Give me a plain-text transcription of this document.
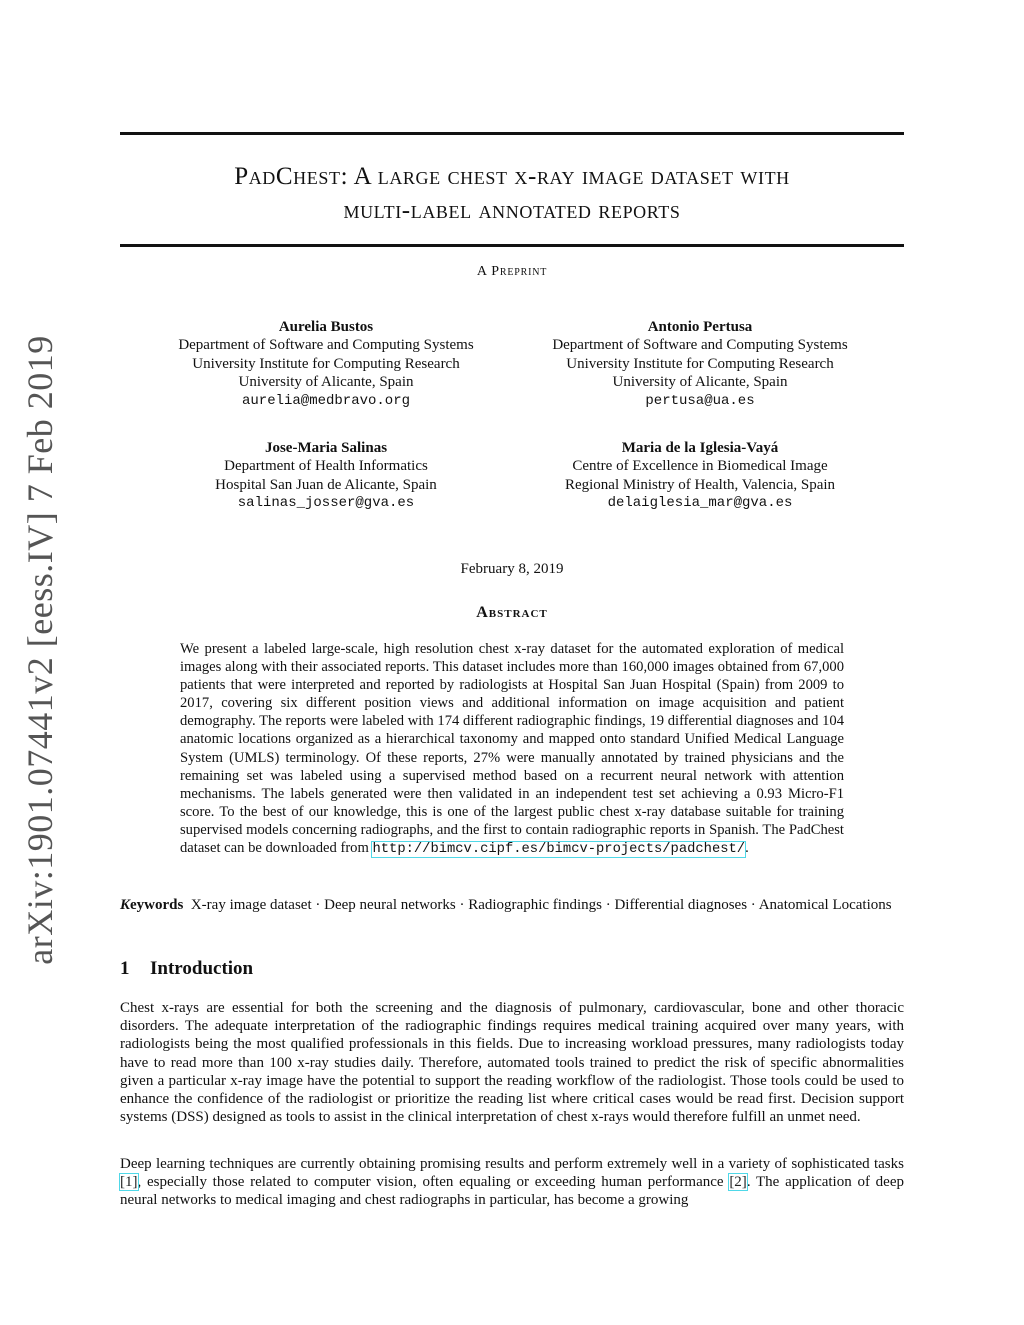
arXiv:1901.07441v2 [eess.IV] 7 Feb 2019
PadChest: A large chest x-ray image dataset with
multi-label annotated reports
A Preprint
Aurelia Bustos
Department of Software and Computing Systems
University Institute for Computing Research
University of Alicante, Spain
aurelia@medbravo.org
Antonio Pertusa
Department of Software and Computing Systems
University Institute for Computing Research
University of Alicante, Spain
pertusa@ua.es
Jose-Maria Salinas
Department of Health Informatics
Hospital San Juan de Alicante, Spain
salinas_josser@gva.es
Maria de la Iglesia-Vayá
Centre of Excellence in Biomedical Image
Regional Ministry of Health, Valencia, Spain
delaiglesia_mar@gva.es
February 8, 2019
Abstract
We present a labeled large-scale, high resolution chest x-ray dataset for the automated exploration of medical images along with their associated reports. This dataset includes more than 160,000 images obtained from 67,000 patients that were interpreted and reported by radiologists at Hospital San Juan Hospital (Spain) from 2009 to 2017, covering six different position views and additional information on image acquisition and patient demography. The reports were labeled with 174 different radiographic findings, 19 differential diagnoses and 104 anatomic locations organized as a hierarchical taxonomy and mapped onto standard Unified Medical Language System (UMLS) terminology. Of these reports, 27% were manually annotated by trained physicians and the remaining set was labeled using a supervised method based on a recurrent neural network with attention mechanisms. The labels generated were then validated in an independent test set achieving a 0.93 Micro-F1 score. To the best of our knowledge, this is one of the largest public chest x-ray database suitable for training supervised models concerning radiographs, and the first to contain radiographic reports in Spanish. The PadChest dataset can be downloaded from http://bimcv.cipf.es/bimcv-projects/padchest/.
Keywords X-ray image dataset · Deep neural networks · Radiographic findings · Differential diagnoses · Anatomical Locations
1 Introduction
Chest x-rays are essential for both the screening and the diagnosis of pulmonary, cardiovascular, bone and other thoracic disorders. The adequate interpretation of the radiographic findings requires medical training acquired over many years, with radiologists being the most qualified professionals in this fields. Due to increasing workload pressures, many radiologists today have to read more than 100 x-ray studies daily. Therefore, automated tools trained to predict the risk of specific abnormalities given a particular x-ray image have the potential to support the reading workflow of the radiologist. Those tools could be used to enhance the confidence of the radiologist or prioritize the reading list where critical cases would be read first. Decision support systems (DSS) designed as tools to assist in the clinical interpretation of chest x-rays would therefore fulfill an unmet need.
Deep learning techniques are currently obtaining promising results and perform extremely well in a variety of sophisticated tasks [1], especially those related to computer vision, often equaling or exceeding human performance [2]. The application of deep neural networks to medical imaging and chest radiographs in particular, has become a growing
